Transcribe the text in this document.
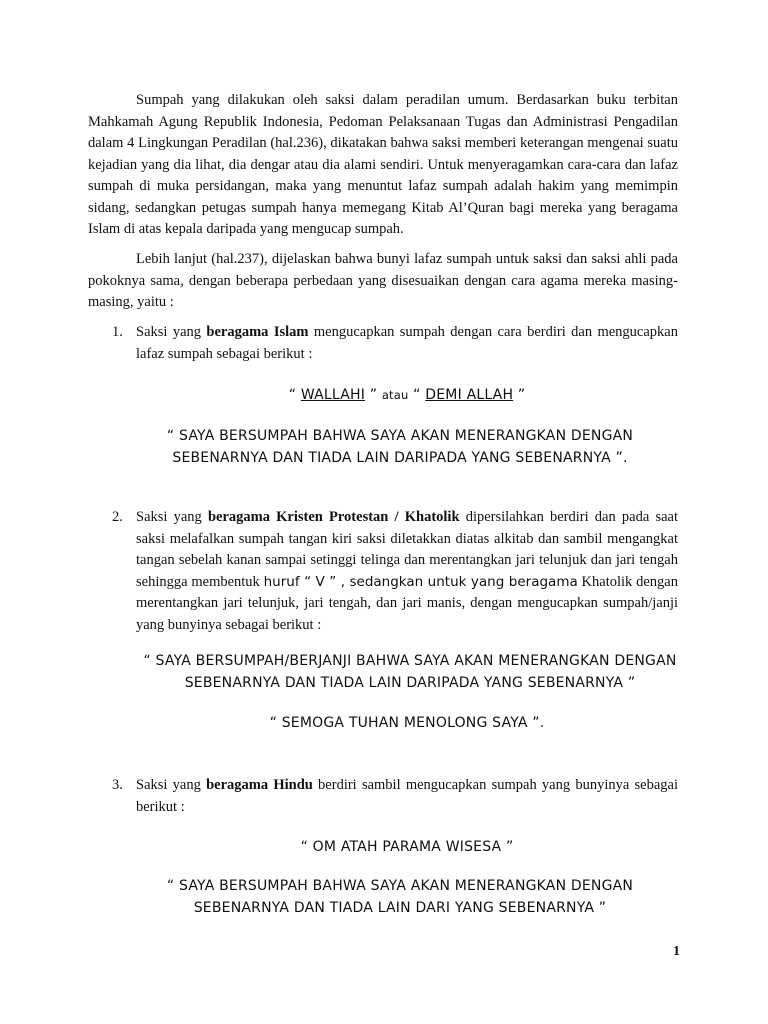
Sumpah yang dilakukan oleh saksi dalam peradilan umum. Berdasarkan buku terbitan Mahkamah Agung Republik Indonesia, Pedoman Pelaksanaan Tugas dan Administrasi Pengadilan dalam 4 Lingkungan Peradilan (hal.236), dikatakan bahwa saksi memberi keterangan mengenai suatu kejadian yang dia lihat, dia dengar atau dia alami sendiri. Untuk menyeragamkan cara-cara dan lafaz sumpah di muka persidangan, maka yang menuntut lafaz sumpah adalah hakim yang memimpin sidang, sedangkan petugas sumpah hanya memegang Kitab Al’Quran bagi mereka yang beragama Islam di atas kepala daripada yang mengucap sumpah.

Lebih lanjut (hal.237), dijelaskan bahwa bunyi lafaz sumpah untuk saksi dan saksi ahli pada pokoknya sama, dengan beberapa perbedaan yang disesuaikan dengan cara agama mereka masing-masing, yaitu :

1. Saksi yang beragama Islam mengucapkan sumpah dengan cara berdiri dan mengucapkan lafaz sumpah sebagai berikut :
“ WALLAHI ” atau “ DEMI ALLAH ”
“ SAYA BERSUMPAH BAHWA SAYA AKAN MENERANGKAN DENGAN SEBENARNYA DAN TIADA LAIN DARIPADA YANG SEBENARNYA ”.
2. Saksi yang beragama Kristen Protestan / Khatolik dipersilahkan berdiri dan pada saat saksi melafalkan sumpah tangan kiri saksi diletakkan diatas alkitab dan sambil mengangkat tangan sebelah kanan sampai setinggi telinga dan merentangkan jari telunjuk dan jari tengah sehingga membentuk huruf “ V ” , sedangkan untuk yang beragama Khatolik dengan merentangkan jari telunjuk, jari tengah, dan jari manis, dengan mengucapkan sumpah/janji yang bunyinya sebagai berikut :
“ SAYA BERSUMPAH/BERJANJI BAHWA SAYA AKAN MENERANGKAN DENGAN SEBENARNYA DAN TIADA LAIN DARIPADA YANG SEBENARNYA ”
“ SEMOGA TUHAN MENOLONG SAYA ”.
3. Saksi yang beragama Hindu berdiri sambil mengucapkan sumpah yang bunyinya sebagai berikut :
“ OM ATAH PARAMA WISESA ”
“ SAYA BERSUMPAH BAHWA SAYA AKAN MENERANGKAN DENGAN SEBENARNYA DAN TIADA LAIN DARI YANG SEBENARNYA ”
1
